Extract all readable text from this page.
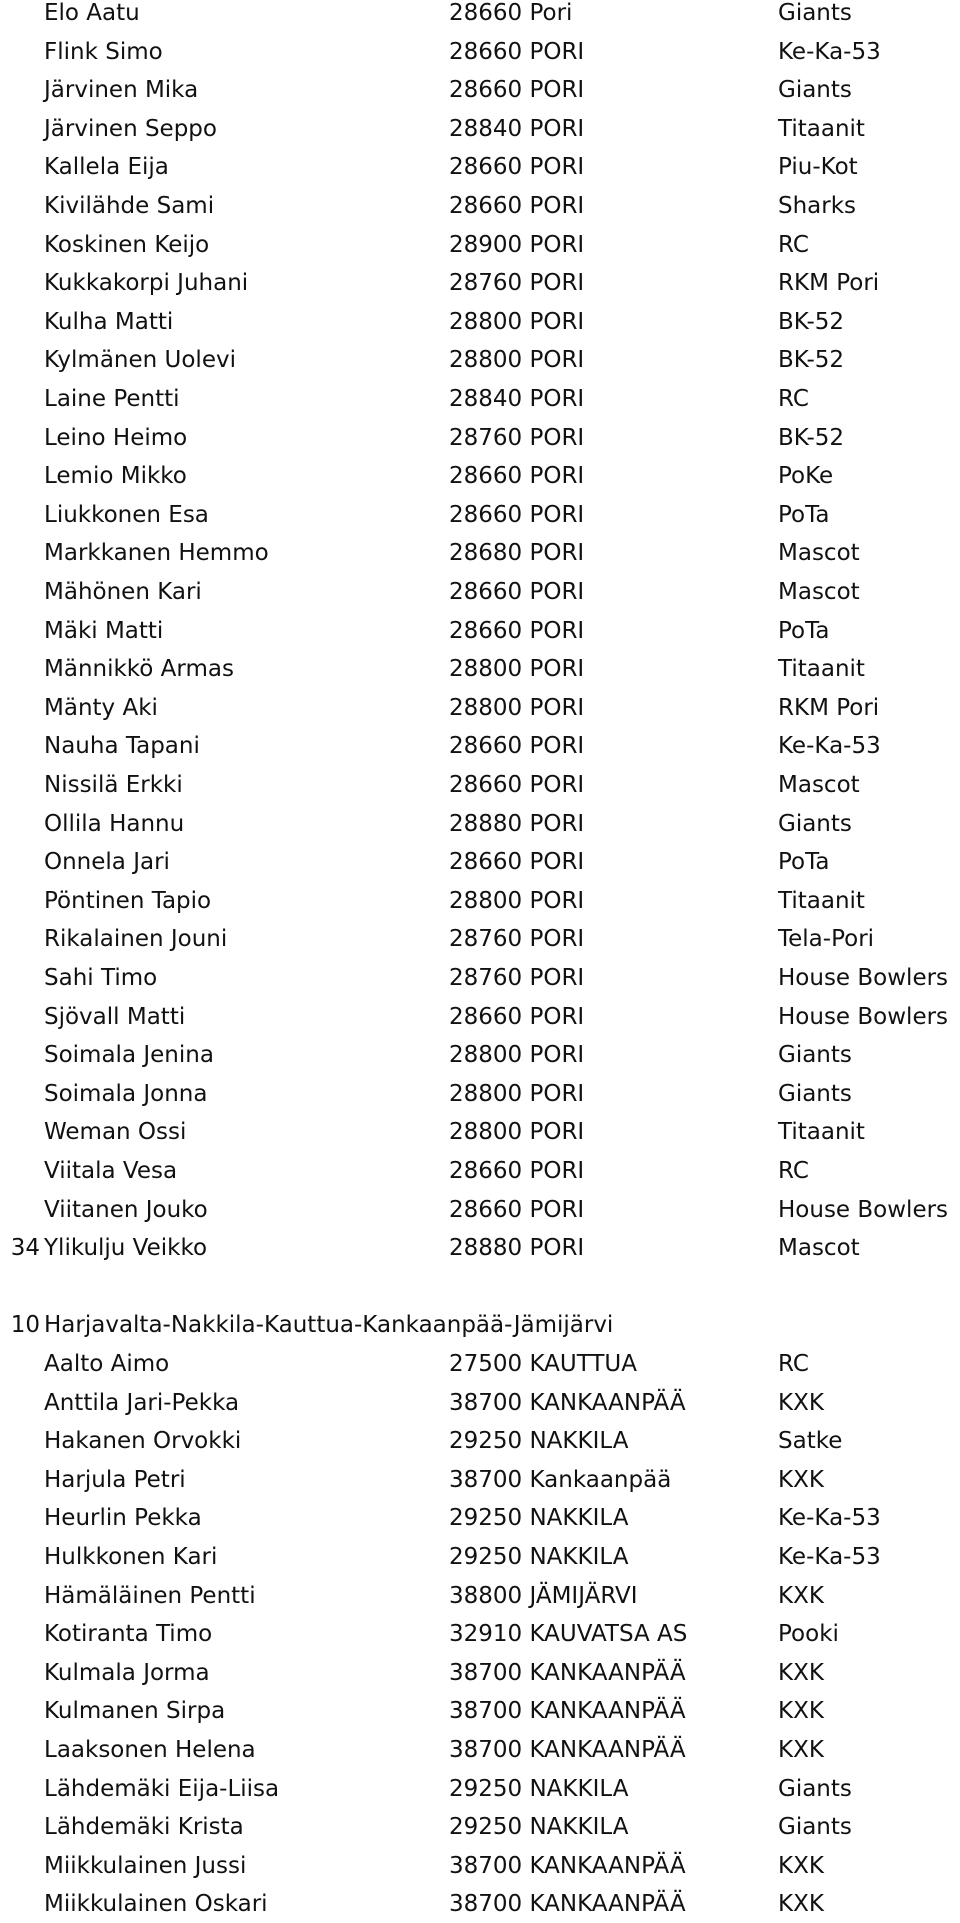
Elo Aatu	28660 Pori	Giants
Flink Simo	28660 PORI	Ke-Ka-53
Järvinen Mika	28660 PORI	Giants
Järvinen Seppo	28840 PORI	Titaanit
Kallela Eija	28660 PORI	Piu-Kot
Kivilähde Sami	28660 PORI	Sharks
Koskinen Keijo	28900 PORI	RC
Kukkakorpi Juhani	28760 PORI	RKM Pori
Kulha Matti	28800 PORI	BK-52
Kylmänen Uolevi	28800 PORI	BK-52
Laine Pentti	28840 PORI	RC
Leino Heimo	28760 PORI	BK-52
Lemio Mikko	28660 PORI	PoKe
Liukkonen Esa	28660 PORI	PoTa
Markkanen Hemmo	28680 PORI	Mascot
Mähönen Kari	28660 PORI	Mascot
Mäki Matti	28660 PORI	PoTa
Männikkö Armas	28800 PORI	Titaanit
Mänty Aki	28800 PORI	RKM Pori
Nauha Tapani	28660 PORI	Ke-Ka-53
Nissilä Erkki	28660 PORI	Mascot
Ollila Hannu	28880 PORI	Giants
Onnela Jari	28660 PORI	PoTa
Pöntinen Tapio	28800 PORI	Titaanit
Rikalainen Jouni	28760 PORI	Tela-Pori
Sahi Timo	28760 PORI	House Bowlers
Sjövall Matti	28660 PORI	House Bowlers
Soimala Jenina	28800 PORI	Giants
Soimala Jonna	28800 PORI	Giants
Weman Ossi	28800 PORI	Titaanit
Viitala Vesa	28660 PORI	RC
Viitanen Jouko	28660 PORI	House Bowlers
34 Ylikulju Veikko	28880 PORI	Mascot
10 Harjavalta-Nakkila-Kauttua-Kankaanpää-Jämijärvi
Aalto Aimo	27500 KAUTTUA	RC
Anttila Jari-Pekka	38700 KANKAANPÄÄ	KXK
Hakanen Orvokki	29250 NAKKILA	Satke
Harjula Petri	38700 Kankaanpää	KXK
Heurlin Pekka	29250 NAKKILA	Ke-Ka-53
Hulkkonen Kari	29250 NAKKILA	Ke-Ka-53
Hämäläinen Pentti	38800 JÄMIJÄRVI	KXK
Kotiranta Timo	32910 KAUVATSA AS	Pooki
Kulmala Jorma	38700 KANKAANPÄÄ	KXK
Kulmanen Sirpa	38700 KANKAANPÄÄ	KXK
Laaksonen Helena	38700 KANKAANPÄÄ	KXK
Lähdemäki Eija-Liisa	29250 NAKKILA	Giants
Lähdemäki Krista	29250 NAKKILA	Giants
Miikkulainen Jussi	38700 KANKAANPÄÄ	KXK
Miikkulainen Oskari	38700 KANKAANPÄÄ	KXK
